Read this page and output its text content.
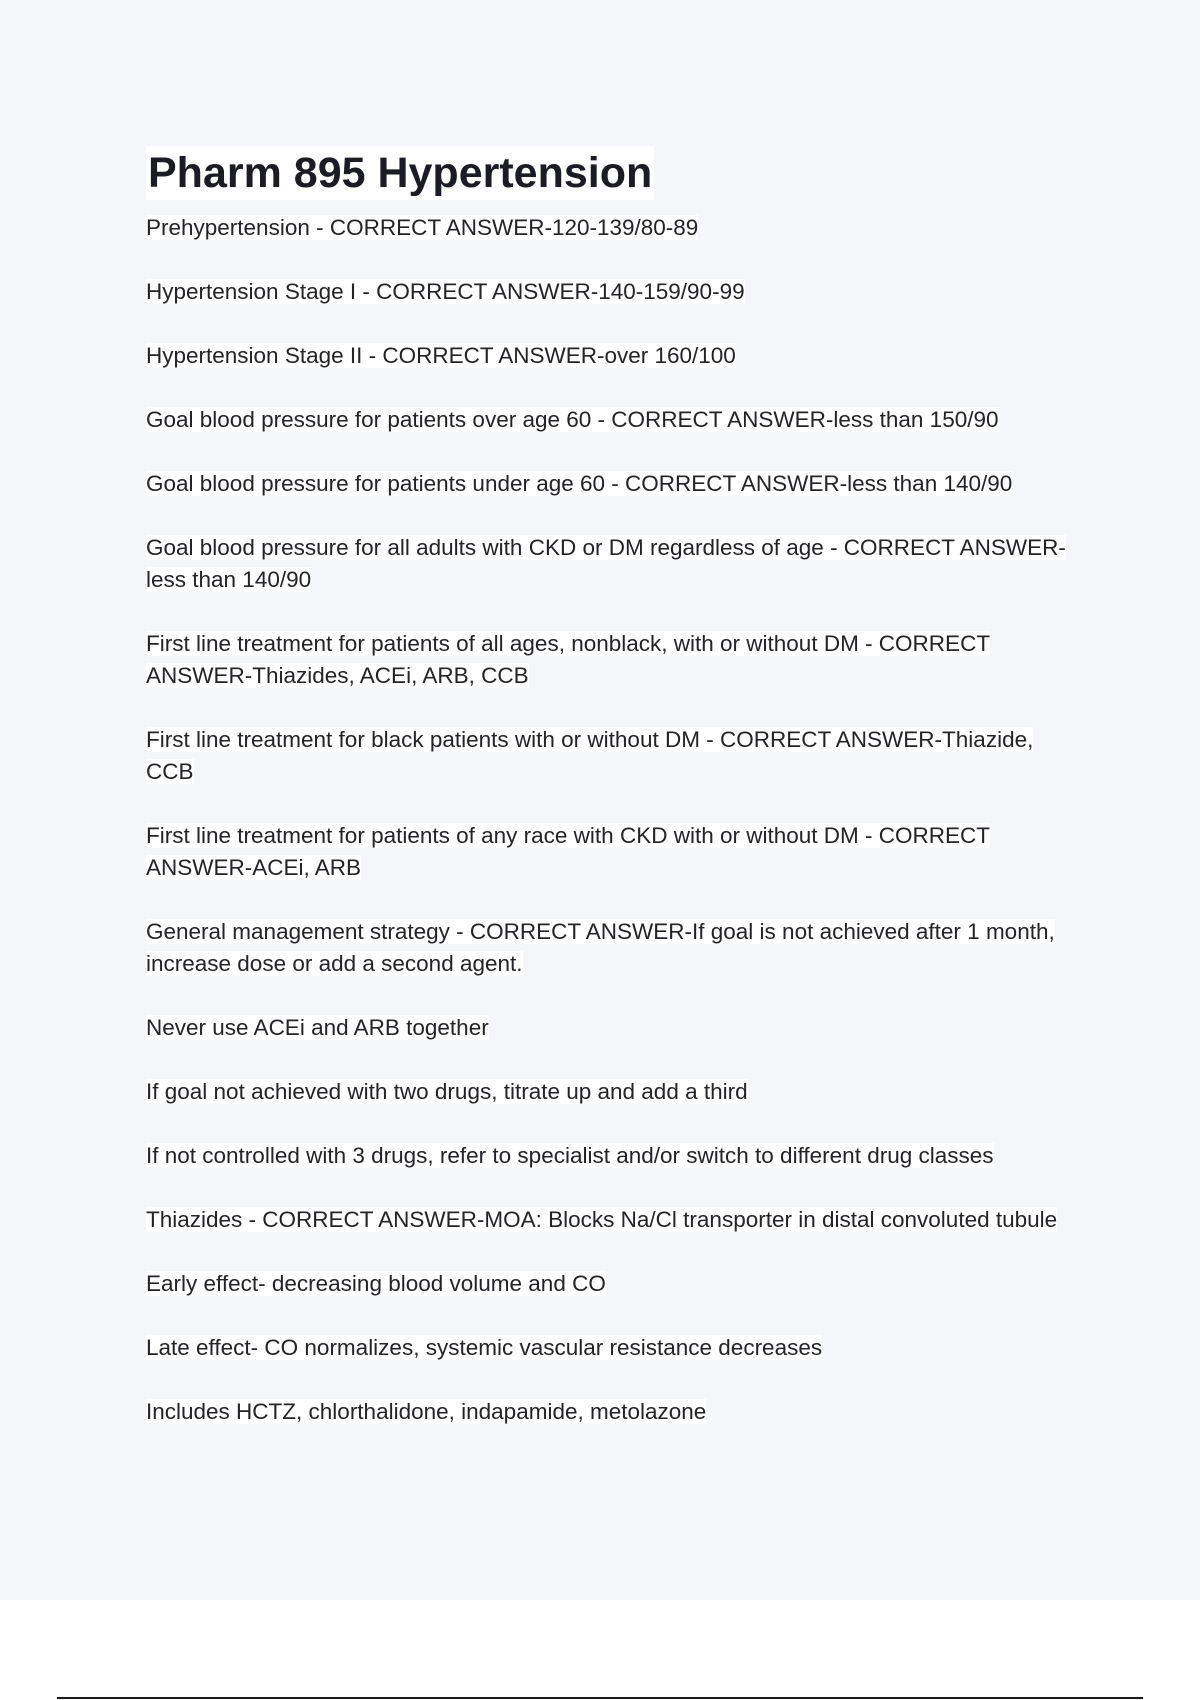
Pharm 895 Hypertension
Prehypertension - CORRECT ANSWER-120-139/80-89
Hypertension Stage I - CORRECT ANSWER-140-159/90-99
Hypertension Stage II - CORRECT ANSWER-over 160/100
Goal blood pressure for patients over age 60 - CORRECT ANSWER-less than 150/90
Goal blood pressure for patients under age 60 - CORRECT ANSWER-less than 140/90
Goal blood pressure for all adults with CKD or DM regardless of age - CORRECT ANSWER-less than 140/90
First line treatment for patients of all ages, nonblack, with or without DM - CORRECT ANSWER-Thiazides, ACEi, ARB, CCB
First line treatment for black patients with or without DM - CORRECT ANSWER-Thiazide, CCB
First line treatment for patients of any race with CKD with or without DM - CORRECT ANSWER-ACEi, ARB
General management strategy - CORRECT ANSWER-If goal is not achieved after 1 month, increase dose or add a second agent.
Never use ACEi and ARB together
If goal not achieved with two drugs, titrate up and add a third
If not controlled with 3 drugs, refer to specialist and/or switch to different drug classes
Thiazides - CORRECT ANSWER-MOA: Blocks Na/Cl transporter in distal convoluted tubule
Early effect- decreasing blood volume and CO
Late effect- CO normalizes, systemic vascular resistance decreases
Includes HCTZ, chlorthalidone, indapamide, metolazone
